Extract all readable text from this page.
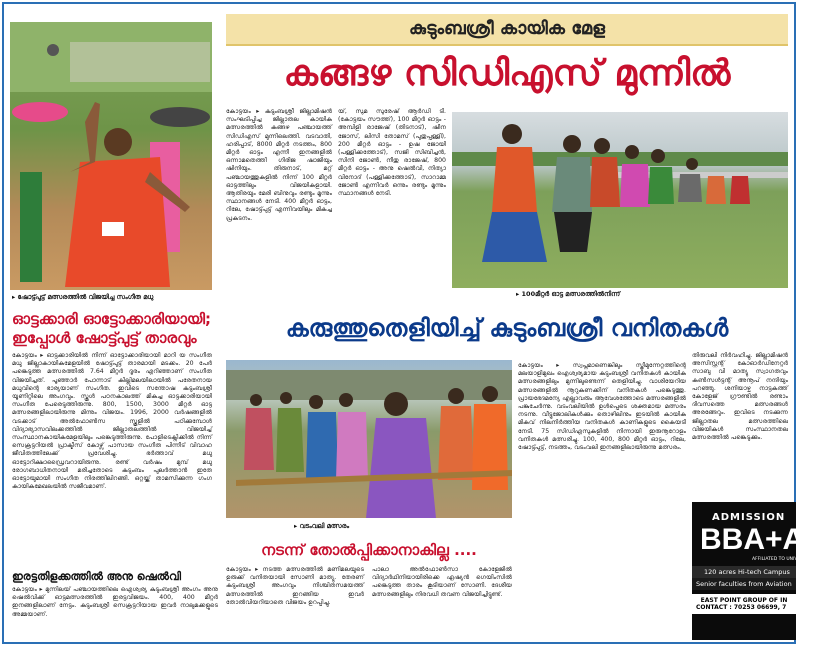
▸ ഷോട്ട്പുട്ട് മത്സരത്തിൽ വിജയിച്ച സംഗീത മധു
കുടുംബശ്രീ കായിക മേള
കങ്ങഴ സിഡിഎസ് മുന്നിൽ
കോട്ടയം ▸ കുടുംബശ്രീ ജില്ലാമിഷൻ സംഘടിപ്പിച്ച ജില്ലാതല കായിക മത്സരത്തിൽ കങ്ങഴ പഞ്ചായത്ത് സിഡിഎസ് മുന്നിലെത്തി. വടവാതി, ഹരിപ്പാട്, 8000 മീറ്റർ നടത്തം, 800 മീറ്റർ ഓട്ടം എന്നീ ഇനങ്ങളിൽ ഒന്നാമതെത്തി ഗിരിജ ഷാജിയും ഷിനിയും. തിരുനാട്, മറ്റ് പഞ്ചായത്തുകളിൽ നിന്ന് 100 മീറ്റർ ഓട്ടത്തിലും വിജയികളായി. ആതിരയും മേരി ബിനുവും രണ്ടും മൂന്നും സ്ഥാനങ്ങൾ നേടി. 400 മീറ്റർ ഓട്ടം, റിലേ, ഷോട്ട്പുട്ട് എന്നിവയിലും മികച്ച പ്രകടനം.
യ്, സുമ സുരേഷ് ആർഡി ടി. (കോട്ടയം സൗത്ത്), 100 മീറ്റർ ഓട്ടം - അമ്പിളി രാജേഷ് (തിടനാട്), ഷീന ജോസ്, ലിസി തോമസ് (പുതുപ്പള്ളി), 200 മീറ്റർ ഓട്ടം - ഉഷ ജോയി (പള്ളിക്കത്തോട്), സജി സിബിച്ചൻ, സിനി ജോൺ, നീതു രാജേഷ്, 800 മീറ്റർ ഓട്ടം - അനു ഷെൽവി, നിത്യാ വിനോദ് (പള്ളിക്കത്തോട്), സാറാമ്മ ജോൺ എന്നിവർ ഒന്നും രണ്ടും മൂന്നും സ്ഥാനങ്ങൾ നേടി.
▸ 100മീറ്റർ ഓട്ട മത്സരത്തിൽനിന്ന്
ഓട്ടക്കാരി ഓട്ടോക്കാരിയായി; ഇപ്പോൾ ഷോട്ട്പുട്ട് താരവും
കോട്ടയം ▸ ഓട്ടക്കാരിയിൽ നിന്ന് ഓട്ടോക്കാരിയായി മാറി യ സംഗീത മധു ജില്ലാകായികമേളയിൽ ഷോട്ട്പുട്ട് താരമായി മടക്കം. 20 പേർ പങ്കെടുത്ത മത്സരത്തിൽ 7.64 മീറ്റർ ദൂരം എറിഞ്ഞാണ് സംഗീത വിജയിച്ചത്. പൂഞ്ഞാർ പോന്നാട് കില്ലിമലയിലായിൽ പരേതനായ മധുവിന്റെ ഭാര്യയാണ് സംഗീത. ഇവിടെ സന്തോഷ കുടുംബശ്രീ യൂണിറ്റിലെ അംഗവും. സ്കൂൾ പഠനകാലത്ത് മികച്ച ഓട്ടക്കാരിയായി സംഗീത പേരെടുത്തിരുന്നു. 800, 1500, 3000 മീറ്റർ ഓട്ട മത്സരങ്ങളിലായിരുന്നു മിന്നും വിജയം. 1996, 2000 വർഷങ്ങളിൽ വടക്കാട് അൽഫോൺസ സ്കൂളിൽ പഠിക്കുമ്പോൾ വിദ്യാഭ്യാസവിലക്കത്തിൽ ജില്ലാതലത്തിൽ വിജയിച്ച് സംസ്ഥാനകായികമേളയിലും പങ്കെടുത്തിരുന്നു. പോളിടെക്നിക്കിൽ നിന്ന് സെക്രട്ടറിയൽ പ്രാക്ടീസ് കോഴ്സ് പാസായ സംഗീത പിന്നീട് വിവാഹ ജീവിതത്തിലേക്ക് പ്രവേശിച്ചു. ഭർത്താവ് മധു ഓട്ടോറിക്ഷാഡ്രൈവറായിരുന്നു. രണ്ട് വർഷം മുമ്പ് മധു രോഗബാധിതനായി മരിച്ചതോടെ കുടുംബം പുലർത്താൻ ഇതേ ഓട്ടോയുമായി സംഗീത നിരത്തിലിറങ്ങി. ഒറ്റയ്ക്ക് താമസിക്കുന്ന ഗംഗ കായികമേഖലയിൽ സജീവമാണ്.
ഇരട്ടതിളക്കത്തിൽ അനു ഷെൽവി
കോട്ടയം ▸ മുന്നിലയ് പഞ്ചായത്തിലെ ഐശ്വര്യ കുടുംബശ്രീ അംഗം അനു ഷെൽവിക്ക് ഓട്ടമത്സരത്തിൽ ഇരട്ടവിജയം. 400, 400 മീറ്റർ ഇനങ്ങളിലാണ് നേട്ടം. കുടുംബശ്രീ സെക്രട്ടറിയായ ഇവർ നാലുമക്കളുടെ അമ്മയാണ്.
കരുത്തുതെളിയിച്ച് കുടുംബശ്രീ വനിതകൾ
▸ വടംവലി മത്സരം
കോട്ടയം ▸ സ്വപ്നമാണെങ്കിലും സ്ത്രീമുന്നേറ്റത്തിന്റെ മലയാളിമുഖം ഐശ്വര്യമായ കുടുംബശ്രീ വനിതകൾ കായിക മത്സരങ്ങളിലും മുന്നിലുണ്ടെന്ന് തെളിയിച്ചു. വാശിയേറിയ മത്സരങ്ങളിൽ നൂറുകണക്കിന് വനിതകൾ പങ്കെടുത്തു. പ്രായഭേദമന്യേ എല്ലാവരും ആവേശത്തോടെ മത്സരങ്ങളിൽ പങ്കുചേർന്നു. വടംവലിയിൽ ഉൾപ്പെടെ ശക്തമായ മത്സരം നടന്നു. വീട്ടുജോലികൾക്കും തൊഴിലിനും ഇടയിൽ കായിക മികവ് നിലനിർത്തിയ വനിതകൾ കാണികളുടെ കൈയടി നേടി. 75 സിഡിഎസുകളിൽ നിന്നായി ഇരുനൂറോളം വനിതകൾ മത്സരിച്ചു. 100, 400, 800 മീറ്റർ ഓട്ടം, റിലേ, ഷോട്ട്പുട്ട്, നടത്തം, വടംവലി ഇനങ്ങളിലായിരുന്നു മത്സരം.
തിരുവലി നിർവഹിച്ചു. ജില്ലാമിഷൻ അസിസ്റ്റന്റ് കോഓർഡിനേറ്റർ സാബു വി മാത്യു സ്വാഗതവും കൺസൾട്ടന്റ് അനൂപ് നന്ദിയും പറഞ്ഞു. ശനിയാഴ്ച നാട്ടകത്ത് കോളേജ് ഗ്രൗണ്ടിൽ രണ്ടാം ദിവസത്തെ മത്സരങ്ങൾ അരങ്ങേറും. ഇവിടെ നടക്കുന്ന ജില്ലാതല മത്സരത്തിലെ വിജയികൾ സംസ്ഥാനതല മത്സരത്തിൽ പങ്കെടുക്കും.
നടന്ന് തോൽപ്പിക്കാനാകില്ല ....
കോട്ടയം ▸ നടത്ത മത്സരത്തിൽ മണിമലയുടെ ഉരുക്ക് വനിതയായി സോണി മാത്യു. തേരണ് കുടുംബശ്രീ അംഗവും നിശ്ചിതസമയത്ത് മത്സരത്തിൽ ഇറങ്ങിയ ഇവർ തോൽവിയറിയാതെ വിജയം ഉറപ്പിച്ചു.
പാലാ അൽഫോൺസാ കോളേജിൽ വിദ്യാർഥിനിയായിരിക്കെ ഏഷ്യൻ ഗെയിംസിൽ പങ്കെടുത്ത താരം കൂടിയാണ് സോണി. ദേശീയ മത്സരങ്ങളിലും നിരവധി തവണ വിജയിച്ചിട്ടുണ്ട്.
ADMISSION
BBA+AV
AFFILIATED TO UNIVERSITY
120 acres Hi-tech Campus
Senior faculties from Aviation
EAST POINT GROUP OF IN
CONTACT : 70253 06699, 7
